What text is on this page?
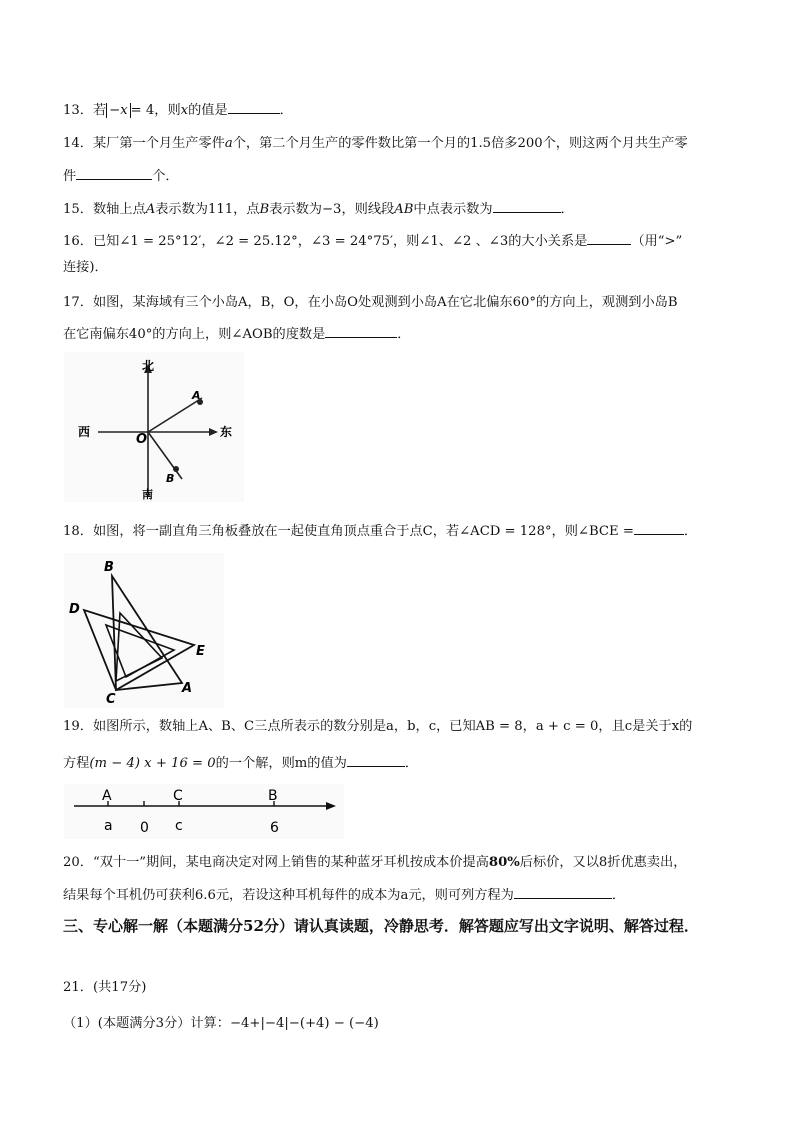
13．若 −x = 4，则x的值是	．
14．某厂第一个月生产零件a个，第二个月生产的零件数比第一个月的1.5倍多200个，则这两个月共生产零
件	个．
15．数轴上点A表示数为111，点B表示数为−3，则线段AB中点表示数为	．
16．已知∠1 = 25°12′，∠2 = 25.12°，∠3 = 24°75′，则∠1、∠2 、∠3的大小关系是	（用“>”
连接)．
17．如图，某海域有三个小岛A，B，O，在小岛O处观测到小岛A在它北偏东60°的方向上，观测到小岛B
在它南偏东40°的方向上，则∠AOB的度数是	．
北
南
西	东
O
A
B
18．如图，将一副直角三角板叠放在一起使直角顶点重合于点C，若∠ACD = 128°，则∠BCE =	．
B
D
E
C
A
19．如图所示，数轴上A、B、C三点所表示的数分别是a，b，c，已知AB = 8，a + c = 0，且c是关于x的
方程(m − 4) x + 16 = 0的一个解，则m的值为	．
A	C	B
a 0 c	6
20．“双十一”期间，某电商决定对网上销售的某种蓝牙耳机按成本价提高80%后标价，又以8折优惠卖出，
结果每个耳机仍可获利6.6元，若设这种耳机每件的成本为a元，则可列方程为	．
三、专心解一解（本题满分52分）请认真读题，冷静思考．解答题应写出文字说明、解答过程．
21．(共17分)
（1）(本题满分3分）计算：−4+|−4|−(+4) − (−4)
